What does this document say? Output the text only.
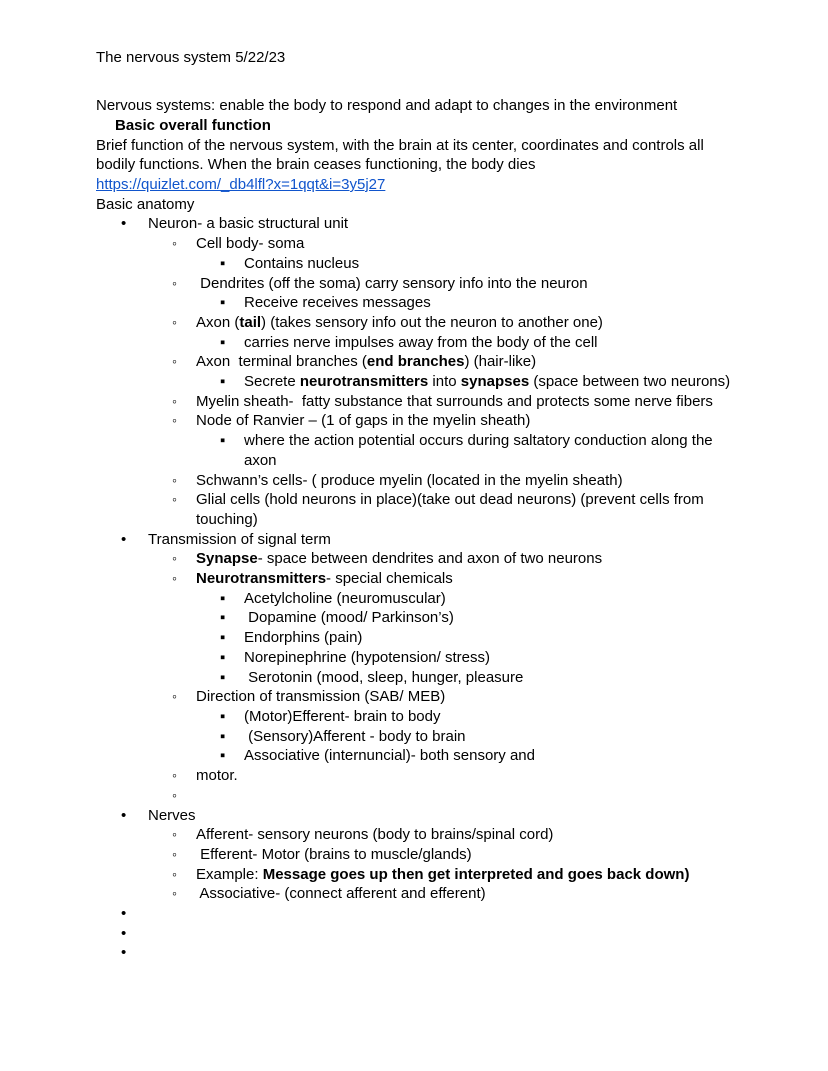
The nervous system 5/22/23
Nervous systems: enable the body to respond and adapt to changes in the environment
Basic overall function
Brief function of the nervous system, with the brain at its center, coordinates and controls all
bodily functions. When the brain ceases functioning, the body dies
https://quizlet.com/_db4lfl?x=1qqt&i=3y5j27
Basic anatomy
•	Neuron- a basic structural unit
◦	Cell body- soma
▪	Contains nucleus
◦	Dendrites (off the soma) carry sensory info into the neuron
▪	Receive receives messages
◦	Axon (tail) (takes sensory info out the neuron to another one)
▪	carries nerve impulses away from the body of the cell
◦	Axon  terminal branches (end branches) (hair-like)
▪	Secrete neurotransmitters into synapses (space between two neurons)
◦	Myelin sheath-  fatty substance that surrounds and protects some nerve fibers
◦	Node of Ranvier – (1 of gaps in the myelin sheath)
▪	where the action potential occurs during saltatory conduction along the
axon
◦	Schwann’s cells- ( produce myelin (located in the myelin sheath)
◦	Glial cells (hold neurons in place)(take out dead neurons) (prevent cells from
touching)
•	Transmission of signal term
◦	Synapse- space between dendrites and axon of two neurons
◦	Neurotransmitters- special chemicals
▪	Acetylcholine (neuromuscular)
▪	Dopamine (mood/ Parkinson’s)
▪	Endorphins (pain)
▪	Norepinephrine (hypotension/ stress)
▪	Serotonin (mood, sleep, hunger, pleasure
◦	Direction of transmission (SAB/ MEB)
▪	(Motor)Efferent- brain to body
▪	(Sensory)Afferent - body to brain
▪	Associative (internuncial)- both sensory and
◦	motor.
◦
•	Nerves
◦	Afferent- sensory neurons (body to brains/spinal cord)
◦	Efferent- Motor (brains to muscle/glands)
◦	Example: Message goes up then get interpreted and goes back down)
◦	Associative- (connect afferent and efferent)
•
•
•
